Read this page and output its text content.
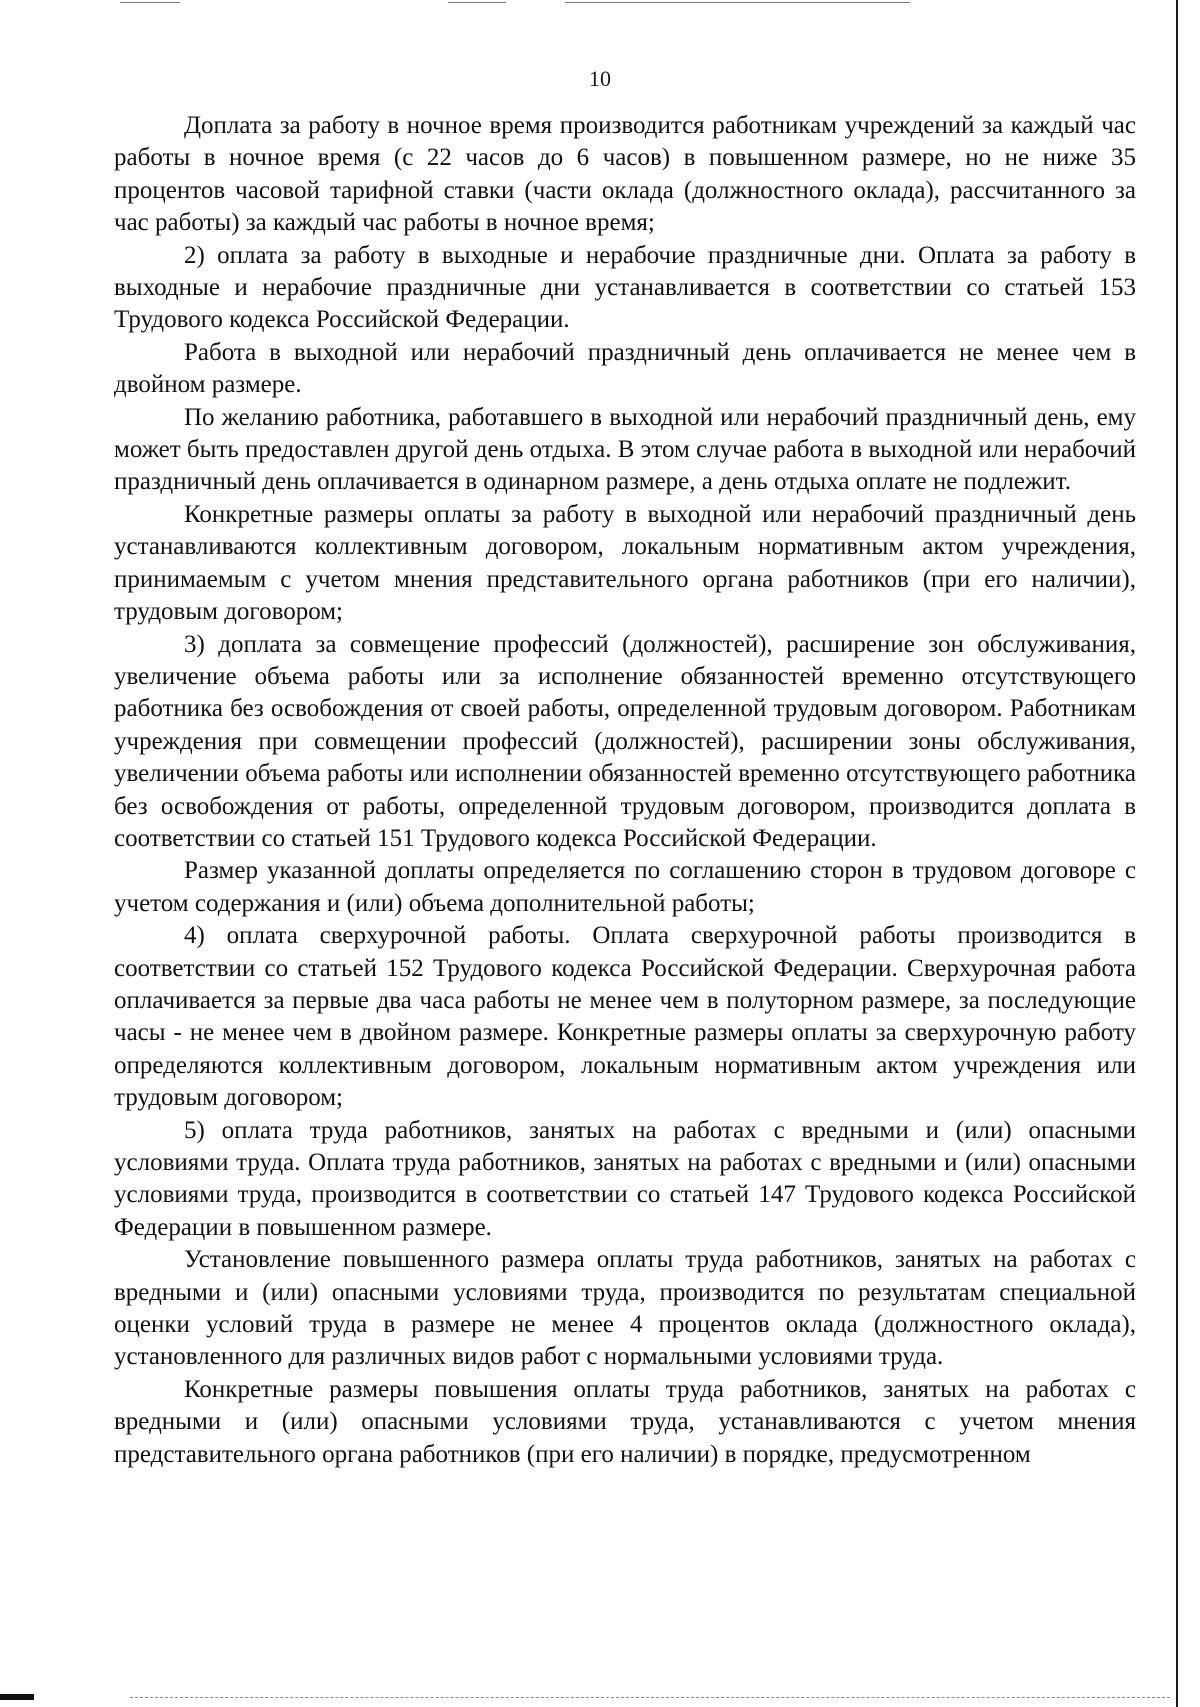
10

Доплата за работу в ночное время производится работникам учреждений за каждый час работы в ночное время (с 22 часов до 6 часов) в повышенном размере, но не ниже 35 процентов часовой тарифной ставки (части оклада (должностного оклада), рассчитанного за час работы) за каждый час работы в ночное время;

2) оплата за работу в выходные и нерабочие праздничные дни. Оплата за работу в выходные и нерабочие праздничные дни устанавливается в соответствии со статьей 153 Трудового кодекса Российской Федерации.

Работа в выходной или нерабочий праздничный день оплачивается не менее чем в двойном размере.

По желанию работника, работавшего в выходной или нерабочий праздничный день, ему может быть предоставлен другой день отдыха. В этом случае работа в выходной или нерабочий праздничный день оплачивается в одинарном размере, а день отдыха оплате не подлежит.

Конкретные размеры оплаты за работу в выходной или нерабочий праздничный день устанавливаются коллективным договором, локальным нормативным актом учреждения, принимаемым с учетом мнения представительного органа работников (при его наличии), трудовым договором;

3) доплата за совмещение профессий (должностей), расширение зон обслуживания, увеличение объема работы или за исполнение обязанностей временно отсутствующего работника без освобождения от своей работы, определенной трудовым договором. Работникам учреждения при совмещении профессий (должностей), расширении зоны обслуживания, увеличении объема работы или исполнении обязанностей временно отсутствующего работника без освобождения от работы, определенной трудовым договором, производится доплата в соответствии со статьей 151 Трудового кодекса Российской Федерации.

Размер указанной доплаты определяется по соглашению сторон в трудовом договоре с учетом содержания и (или) объема дополнительной работы;

4) оплата сверхурочной работы. Оплата сверхурочной работы производится в соответствии со статьей 152 Трудового кодекса Российской Федерации. Сверхурочная работа оплачивается за первые два часа работы не менее чем в полуторном размере, за последующие часы - не менее чем в двойном размере. Конкретные размеры оплаты за сверхурочную работу определяются коллективным договором, локальным нормативным актом учреждения или трудовым договором;

5) оплата труда работников, занятых на работах с вредными и (или) опасными условиями труда. Оплата труда работников, занятых на работах с вредными и (или) опасными условиями труда, производится в соответствии со статьей 147 Трудового кодекса Российской Федерации в повышенном размере.

Установление повышенного размера оплаты труда работников, занятых на работах с вредными и (или) опасными условиями труда, производится по результатам специальной оценки условий труда в размере не менее 4 процентов оклада (должностного оклада), установленного для различных видов работ с нормальными условиями труда.

Конкретные размеры повышения оплаты труда работников, занятых на работах с вредными и (или) опасными условиями труда, устанавливаются с учетом мнения представительного органа работников (при его наличии) в порядке, предусмотренном
